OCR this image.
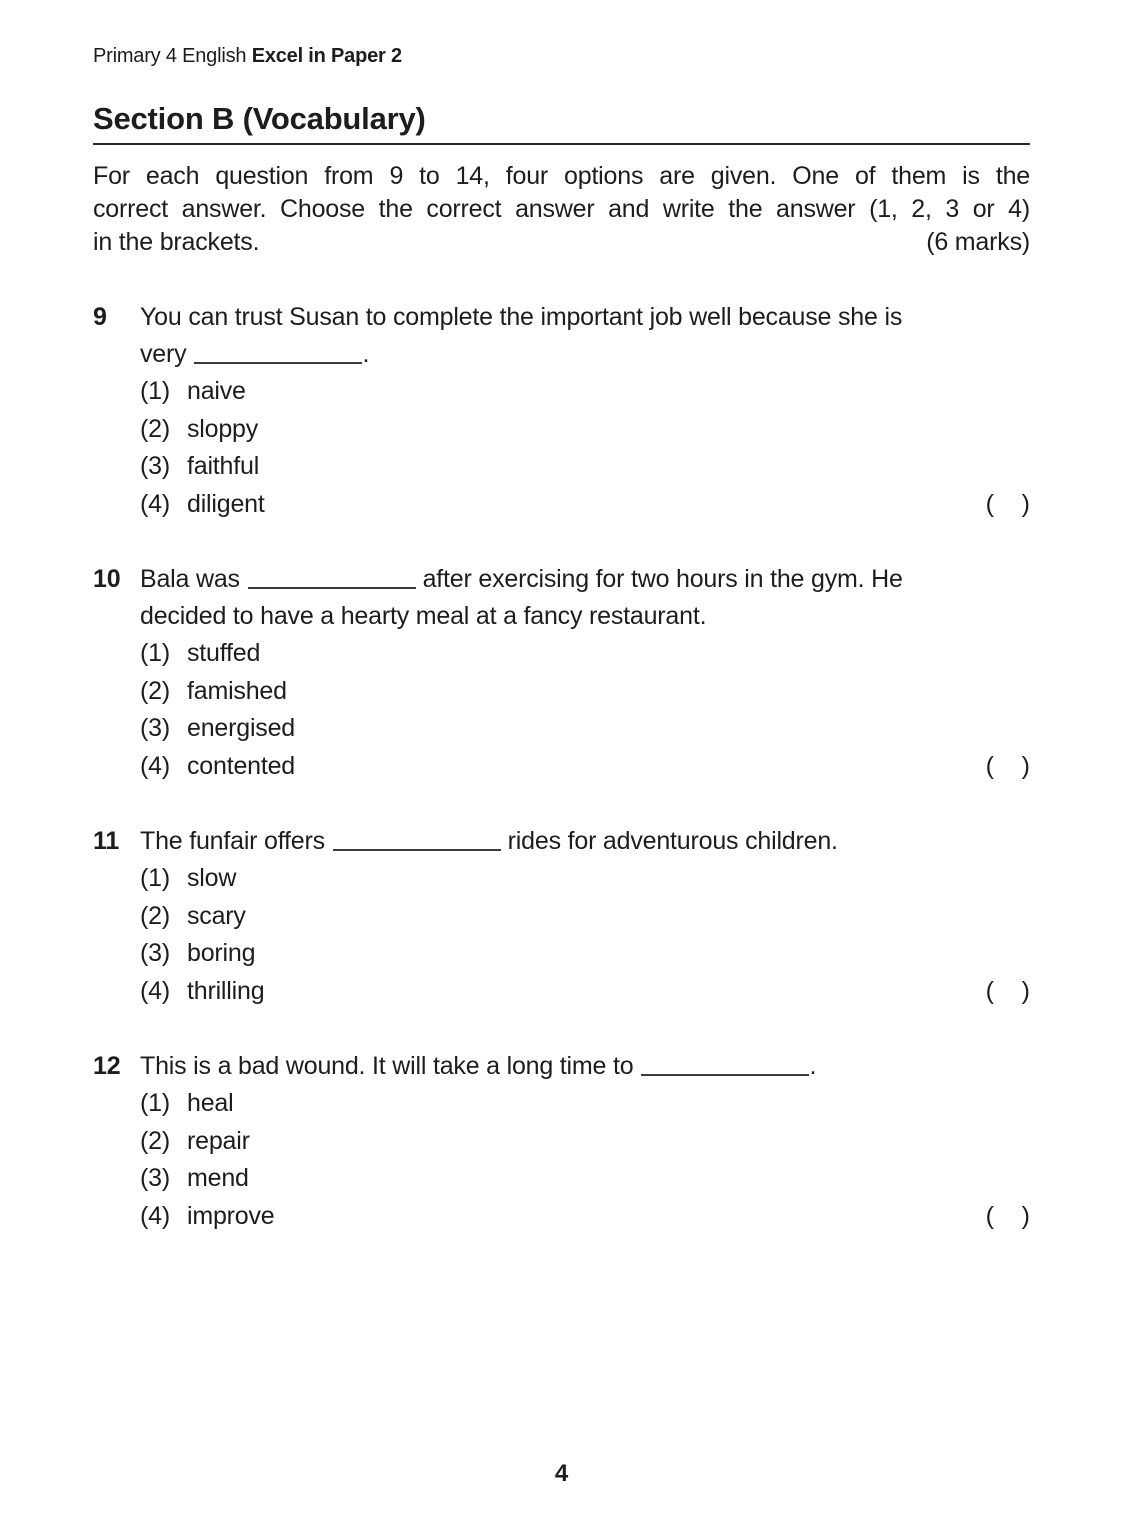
Primary 4 English Excel in Paper 2
Section B (Vocabulary)
For each question from 9 to 14, four options are given. One of them is the
correct answer. Choose the correct answer and write the answer (1, 2, 3 or 4)
in the brackets.	(6 marks)
9	You can trust Susan to complete the important job well because she is
very	.
(1) naive
(2) sloppy
(3) faithful
(4) diligent	(    )
10 Bala was	after exercising for two hours in the gym. He
decided to have a hearty meal at a fancy restaurant.
(1) stuffed
(2) famished
(3) energised
(4) contented	(    )
11 The funfair offers	rides for adventurous children.
(1) slow
(2) scary
(3) boring
(4) thrilling	(    )
12 This is a bad wound. It will take a long time to	.
(1) heal
(2) repair
(3) mend
(4) improve	(    )
4
